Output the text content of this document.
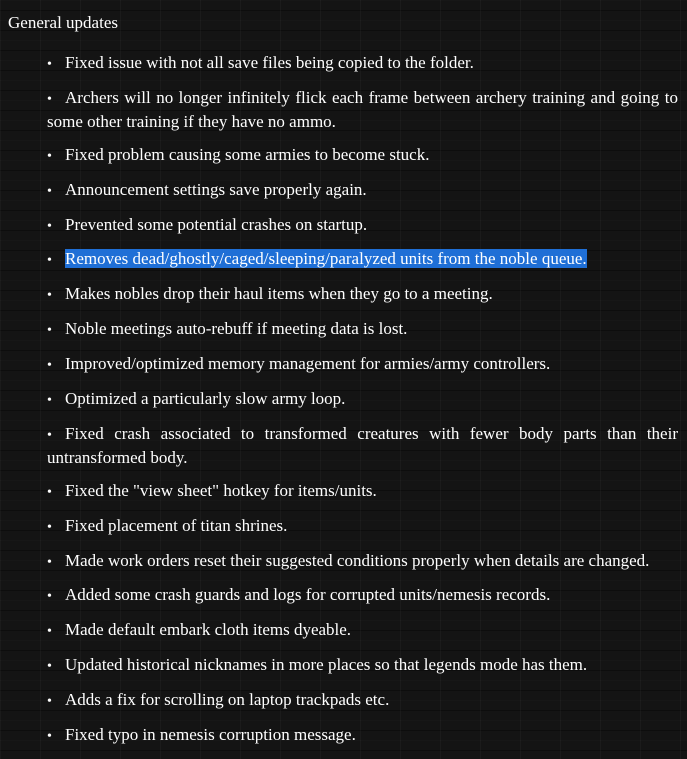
General updates
• Fixed issue with not all save files being copied to the folder.
• Archers will no longer infinitely flick each frame between archery training and going to some other training if they have no ammo.
• Fixed problem causing some armies to become stuck.
• Announcement settings save properly again.
• Prevented some potential crashes on startup.
• Removes dead/ghostly/caged/sleeping/paralyzed units from the noble queue.
• Makes nobles drop their haul items when they go to a meeting.
• Noble meetings auto-rebuff if meeting data is lost.
• Improved/optimized memory management for armies/army controllers.
• Optimized a particularly slow army loop.
• Fixed crash associated to transformed creatures with fewer body parts than their untransformed body.
• Fixed the "view sheet" hotkey for items/units.
• Fixed placement of titan shrines.
• Made work orders reset their suggested conditions properly when details are changed.
• Added some crash guards and logs for corrupted units/nemesis records.
• Made default embark cloth items dyeable.
• Updated historical nicknames in more places so that legends mode has them.
• Adds a fix for scrolling on laptop trackpads etc.
• Fixed typo in nemesis corruption message.
